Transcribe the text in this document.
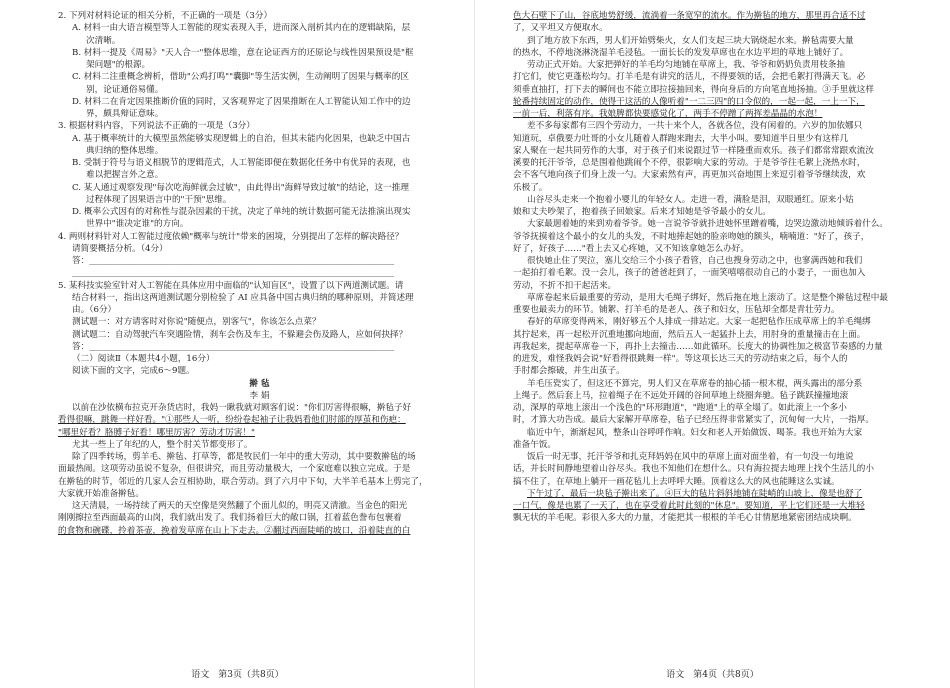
2. 下列对材料论证的相关分析，不正确的一项是（3分）
A. 材料一由大语言模型等人工智能的现实表现入手，进而深入剖析其内在的逻辑缺陷，层
次清晰。
B. 材料一提及《周易》"天人合一"整体思维，意在论证西方的还原论与线性因果预设是"框
架问题"的根源。
C. 材料二注重概念辨析，借助"公鸡打鸣""囊脚"等生活实例，生动阐明了因果与概率的区
别，论证通俗易懂。
D. 材料二在肯定因果推断价值的同时，又客观界定了因果推断在人工智能认知工作中的边
界，颇具辩证意味。
3. 根据材料内容，下列说法不正确的一项是（3分）
A. 基于概率统计的大模型虽然能够实现逻辑上的自治，但其未能内化因果，也缺乏中国古
典归纳的整体思维。
B. 受制于符号与语义相脱节的逻辑范式，人工智能即便在数据化任务中有优异的表现，也
难以把握言外之意。
C. 某人通过观察发现"每次吃海鲜就会过敏"，由此得出"海鲜导致过敏"的结论，这一推理
过程体现了因果语言中的"干预"思维。
D. 概率公式因有的对称性与混杂因素的干扰，决定了单纯的统计数据可能无法推演出现实
世界中"谁决定谁"的方向。
4. 两则材料针对人工智能过度依赖"概率与统计"带来的困境，分别提出了怎样的解决路径？
请简要概括分析。（4分）
答：_______________________________________________________________________
___________________________________________________________________________
5. 某科技实验室针对人工智能在具体应用中面临的"认知盲区"，设置了以下两道测试题。请
结合材料一，指出这两道测试题分别检验了 AI 应具备中国古典归纳的哪种原则，并简述理
由。（6分）
测试题一：对方请客时对你说"随便点，别客气"，你该怎么点菜？
测试题二：自动驾驶汽车突遇险情，刹车会伤及车主，不躲避会伤及路人，应如何抉择？
答：_______________________________________________________________________
（二）阅读Ⅱ（本题共4小题，16分）
阅读下面的文字，完成6～9题。
擀 毡
李 娟
以前在沙依横布拉克开杂货店时，我妈一瞅我就对顾客们说："你们厉害得很嘛，擀毡子好
看得很嘛，跳舞一样好看。"①那些人一听，纷纷卷起袖子让我妈看他们肘部的厚茧和伤疤：
"哪里好看？胳膊子好看！哪里厉害？劳动才厉害！"
尤其一些上了年纪的人，整个肘关节都变形了。
除了四季转场，剪羊毛、擀毡、打草等，都是牧民们一年中的重大劳动，其中要数擀毡的场
面最热闹。这项劳动虽说不复杂，但很讲究，而且劳动量极大，一个家庭难以独立完成。于是
在擀毡的时节，邻近的几家人会互相协助，联合劳动。到了六月中下旬，大半羊毛基本上剪完了，
大家就开始准备擀毡。
这天清晨，一场持续了两天的天空像是突然翻了个面儿似的，明亮又清澈。当金色的阳光
刚刚擦拉至西面最高的山岗，我们就出发了。我们扬着巨大的敞口锅，扛着蓝色誊布包裹着
的食物和碗碟，拎着茶壶，挽着发草席在山上下走去。②翻过西面陡峭的坡口，沿着陡直的白
语文　第3页（共8页）
色大石壁下了山，谷底地势舒缓，流淌着一条宽窄的流水。作为擀毡的地方，那里再合适不过
了，又平坦又方便取水。
到了地方放下东西，男人们开始劈柴火，女人们支起三块大锅烧起水来。擀毡需要大量
的热水，不停地浇淋浇湿羊毛浸毡。一面长长的发发草席也在水边平坦的草地上铺好了。
劳动正式开始。大家把弹好的羊毛均匀地铺在草席上，我、爷爷和奶奶负责用枝条抽
打它们，使它更蓬松均匀。打羊毛是有讲究的活儿，不得要领的话，会把毛絮打得满天飞。必
须垂直抽打，打下去的瞬间也不能立即拉接抽回来，得向身后的方向笔直地扬抽。③手里就这样
轮番持续固定的动作，使得干这活的人像听着"一二三四"的口令似的，一起一起，一上一下，
一前一后，利落有序。我娘脾都快要感觉化了，两手不停蹭了两挥差晶晶的水泡！
差不多每家都有三四个劳动力，一共十来个人，各就各位，没有闲着的。六岁的加依娜只
知道玩，卓俄要力吐哥的小女儿随着人群跑来跑去，大半小叫。要知道半日里少有这样几
家人聚在一起共同劳作的大事，对于孩子们来说跟过节一样隆重而欢乐。孩子们都常常跟欢流汝
溪要的托汗爷爷，总是围着他跳闹个不停，很影响大家的劳动。于是爷爷往毛絮上浇热水时，
会不客气地向孩子们身上泼一勺。大家索然有声，再更加兴奋地围上来逗引着爷爷继续泼，欢
乐极了。
山谷尽头走来一个抱着小婴儿的年轻女人。走进一看，满脸是泪，双眼通红。原来小姑
娘和丈夫吵架了，抱着孩子回娘家。后来才知她是爷爷最小的女儿。
大家最迴着她的来到劝着爷爷。她一言说爷爷就扑进她怀里蹭着嘴，边哭边激动地倾诉着什么。
爷爷抚摸着这个最小的女儿的头发，不时地捧起她的脸亲吻她的额头，喃喃道："好了，孩子，
好了，好孩子……"看上去又心疼她，又不知该拿她怎么办好。
很快她止住了哭泣，塞儿交给三个小孩子看管，自己也搜身劳动之中，也寥满西她和我们
一起拍打着毛絮。没一会儿，孩子的爸爸赶到了，一面笑嘻嘻很动自己的小妻子，一面也加入
劳动，不折不扣干起活来。
草席卷起来后最重要的劳动，是用大毛绳子绑好，然后拖在地上滚动了。这是整个擀毡过程中最
重要也最卖力的环节。铺絮、打羊毛的是老人、孩子和妇女，压毡却全都是青壮劳力。
春好的草席变得两米，刚好够五个人排成一排站定。大家一起把毡作压成草席上的羊毛绳绑
其拧起来，再一起松开沉重地挪向地面，然后五人一起猛扑上去，用肘身的重量撞击在上面。
再我起来，提起草席卷一下，再扑上去撞击……如此循环。长度大的协调性加之极富节奏感的力量
的进发，难怪我妈会说"好看得很跳舞一样"。等这项长达三天的劳动结束之后，每个人的
手肘都会擦破，并生出茧子。
羊毛压瓷实了，但这还不算完，男人们又在草席卷的抽心插一根木棍，两头露出的部分系
上绳子。然后套上马，拉着绳子在不远处开阔的谷间草地上绕圈奔驰。毡子跳跃撞撞地滚
动，深厚的草地上滚出一个浅色的"环形跑道"，"跑道"上的草全塌了。如此滚上一个多小
时，才算大功告成。最后大家解开草席卷，毡子已经压得非常紧实了，沉甸甸一大片，一指厚。
临近中午，渐渐起风，整条山谷呼呼作响。妇女和老人开始做饭、喝茶。我也开始为大家
准备午饭。
饭后一时无事，托汗爷爷和扎克拜妈妈在风中的草席上面对面坐着，有一句没一句地说
话，并长时间静地望着山谷尽头。我也不知他们在想什么。只有海拉提去地理上找个生活儿的小
搞不住了，在草地上躺开一画花毡儿上去呼呼大睡。顶着这么大的风也能睡这么实诚。
下午过了，最后一块毡子擀出来了。④巨大的毡片斜斜地铺在陡峭的山坡上，像是也舒了
一口气，像是也累了一天了，也在享受着此时此刻的"休息"。要知道，平上它们还是一大堆轻
飘无状的羊毛呢。彩很入多大的力量，才能把其一根根的羊毛心甘情愿地紧密团结成块啊。
语文　第4页（共8页）
